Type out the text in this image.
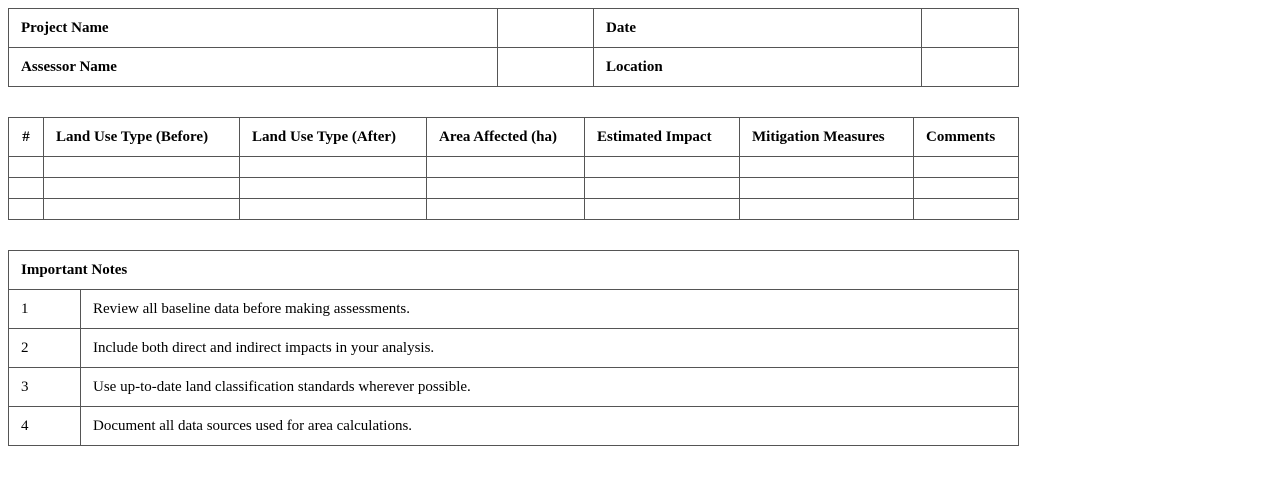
Project Name		Date	
Assessor Name		Location	
#	Land Use Type (Before)	Land Use Type (After)	Area Affected (ha)	Estimated Impact	Mitigation Measures	Comments

Important Notes	
1	Review all baseline data before making assessments.
2	Include both direct and indirect impacts in your analysis.
3	Use up-to-date land classification standards wherever possible.
4	Document all data sources used for area calculations.
